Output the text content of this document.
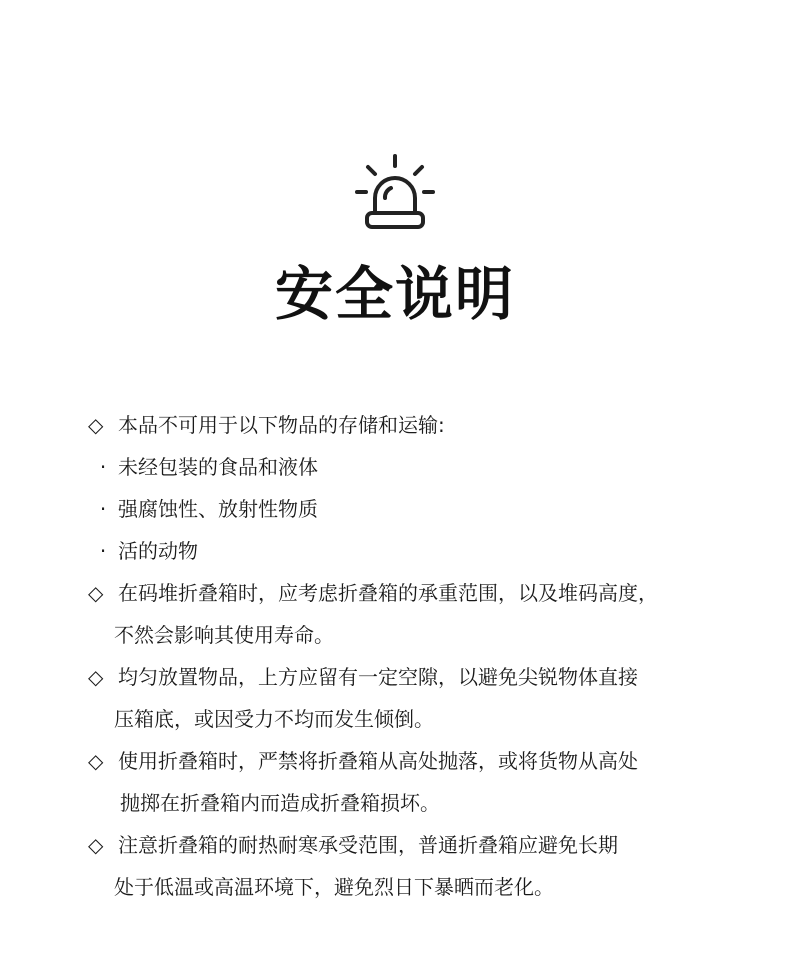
安全说明
◇ 本品不可用于以下物品的存储和运输:
· 未经包装的食品和液体
· 强腐蚀性、放射性物质
· 活的动物
◇ 在码堆折叠箱时，应考虑折叠箱的承重范围，以及堆码高度，
不然会影响其使用寿命。
◇ 均匀放置物品，上方应留有一定空隙，以避免尖锐物体直接
压箱底，或因受力不均而发生倾倒。
◇ 使用折叠箱时，严禁将折叠箱从高处抛落，或将货物从高处
抛掷在折叠箱内而造成折叠箱损坏。
◇ 注意折叠箱的耐热耐寒承受范围，普通折叠箱应避免长期
处于低温或高温环境下，避免烈日下暴晒而老化。
